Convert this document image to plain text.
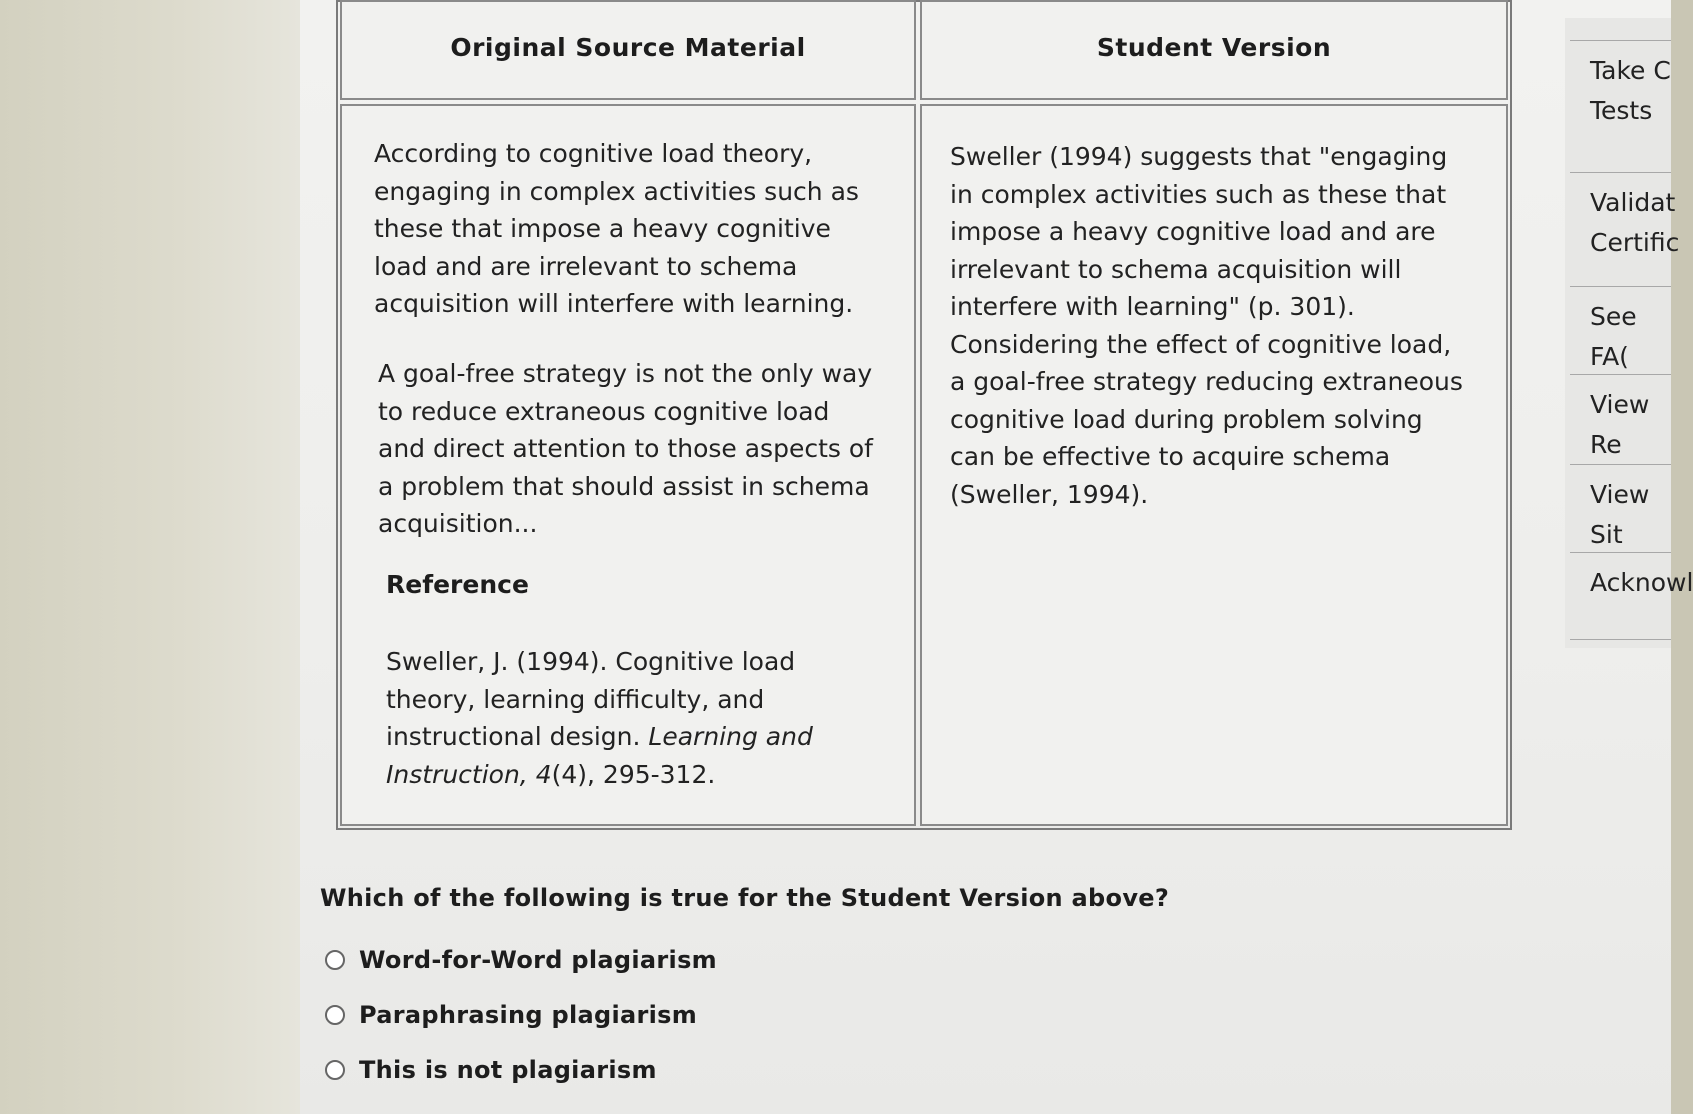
Take C
Tests
Validat
Certific
See FA(
View Re
View Sit
Acknowl
Original Source Material	Student Version
According to cognitive load theory, engaging in complex activities such as these that impose a heavy cognitive load and are irrelevant to schema acquisition will interfere with learning.
A goal-free strategy is not the only way to reduce extraneous cognitive load and direct attention to those aspects of a problem that should assist in schema acquisition...
Reference
Sweller, J. (1994). Cognitive load theory, learning difficulty, and instructional design. Learning and Instruction, 4(4), 295-312.
Sweller (1994) suggests that "engaging in complex activities such as these that impose a heavy cognitive load and are irrelevant to schema acquisition will interfere with learning" (p. 301). Considering the effect of cognitive load, a goal-free strategy reducing extraneous cognitive load during problem solving can be effective to acquire schema (Sweller, 1994).
Which of the following is true for the Student Version above?
Word-for-Word plagiarism
Paraphrasing plagiarism
This is not plagiarism
